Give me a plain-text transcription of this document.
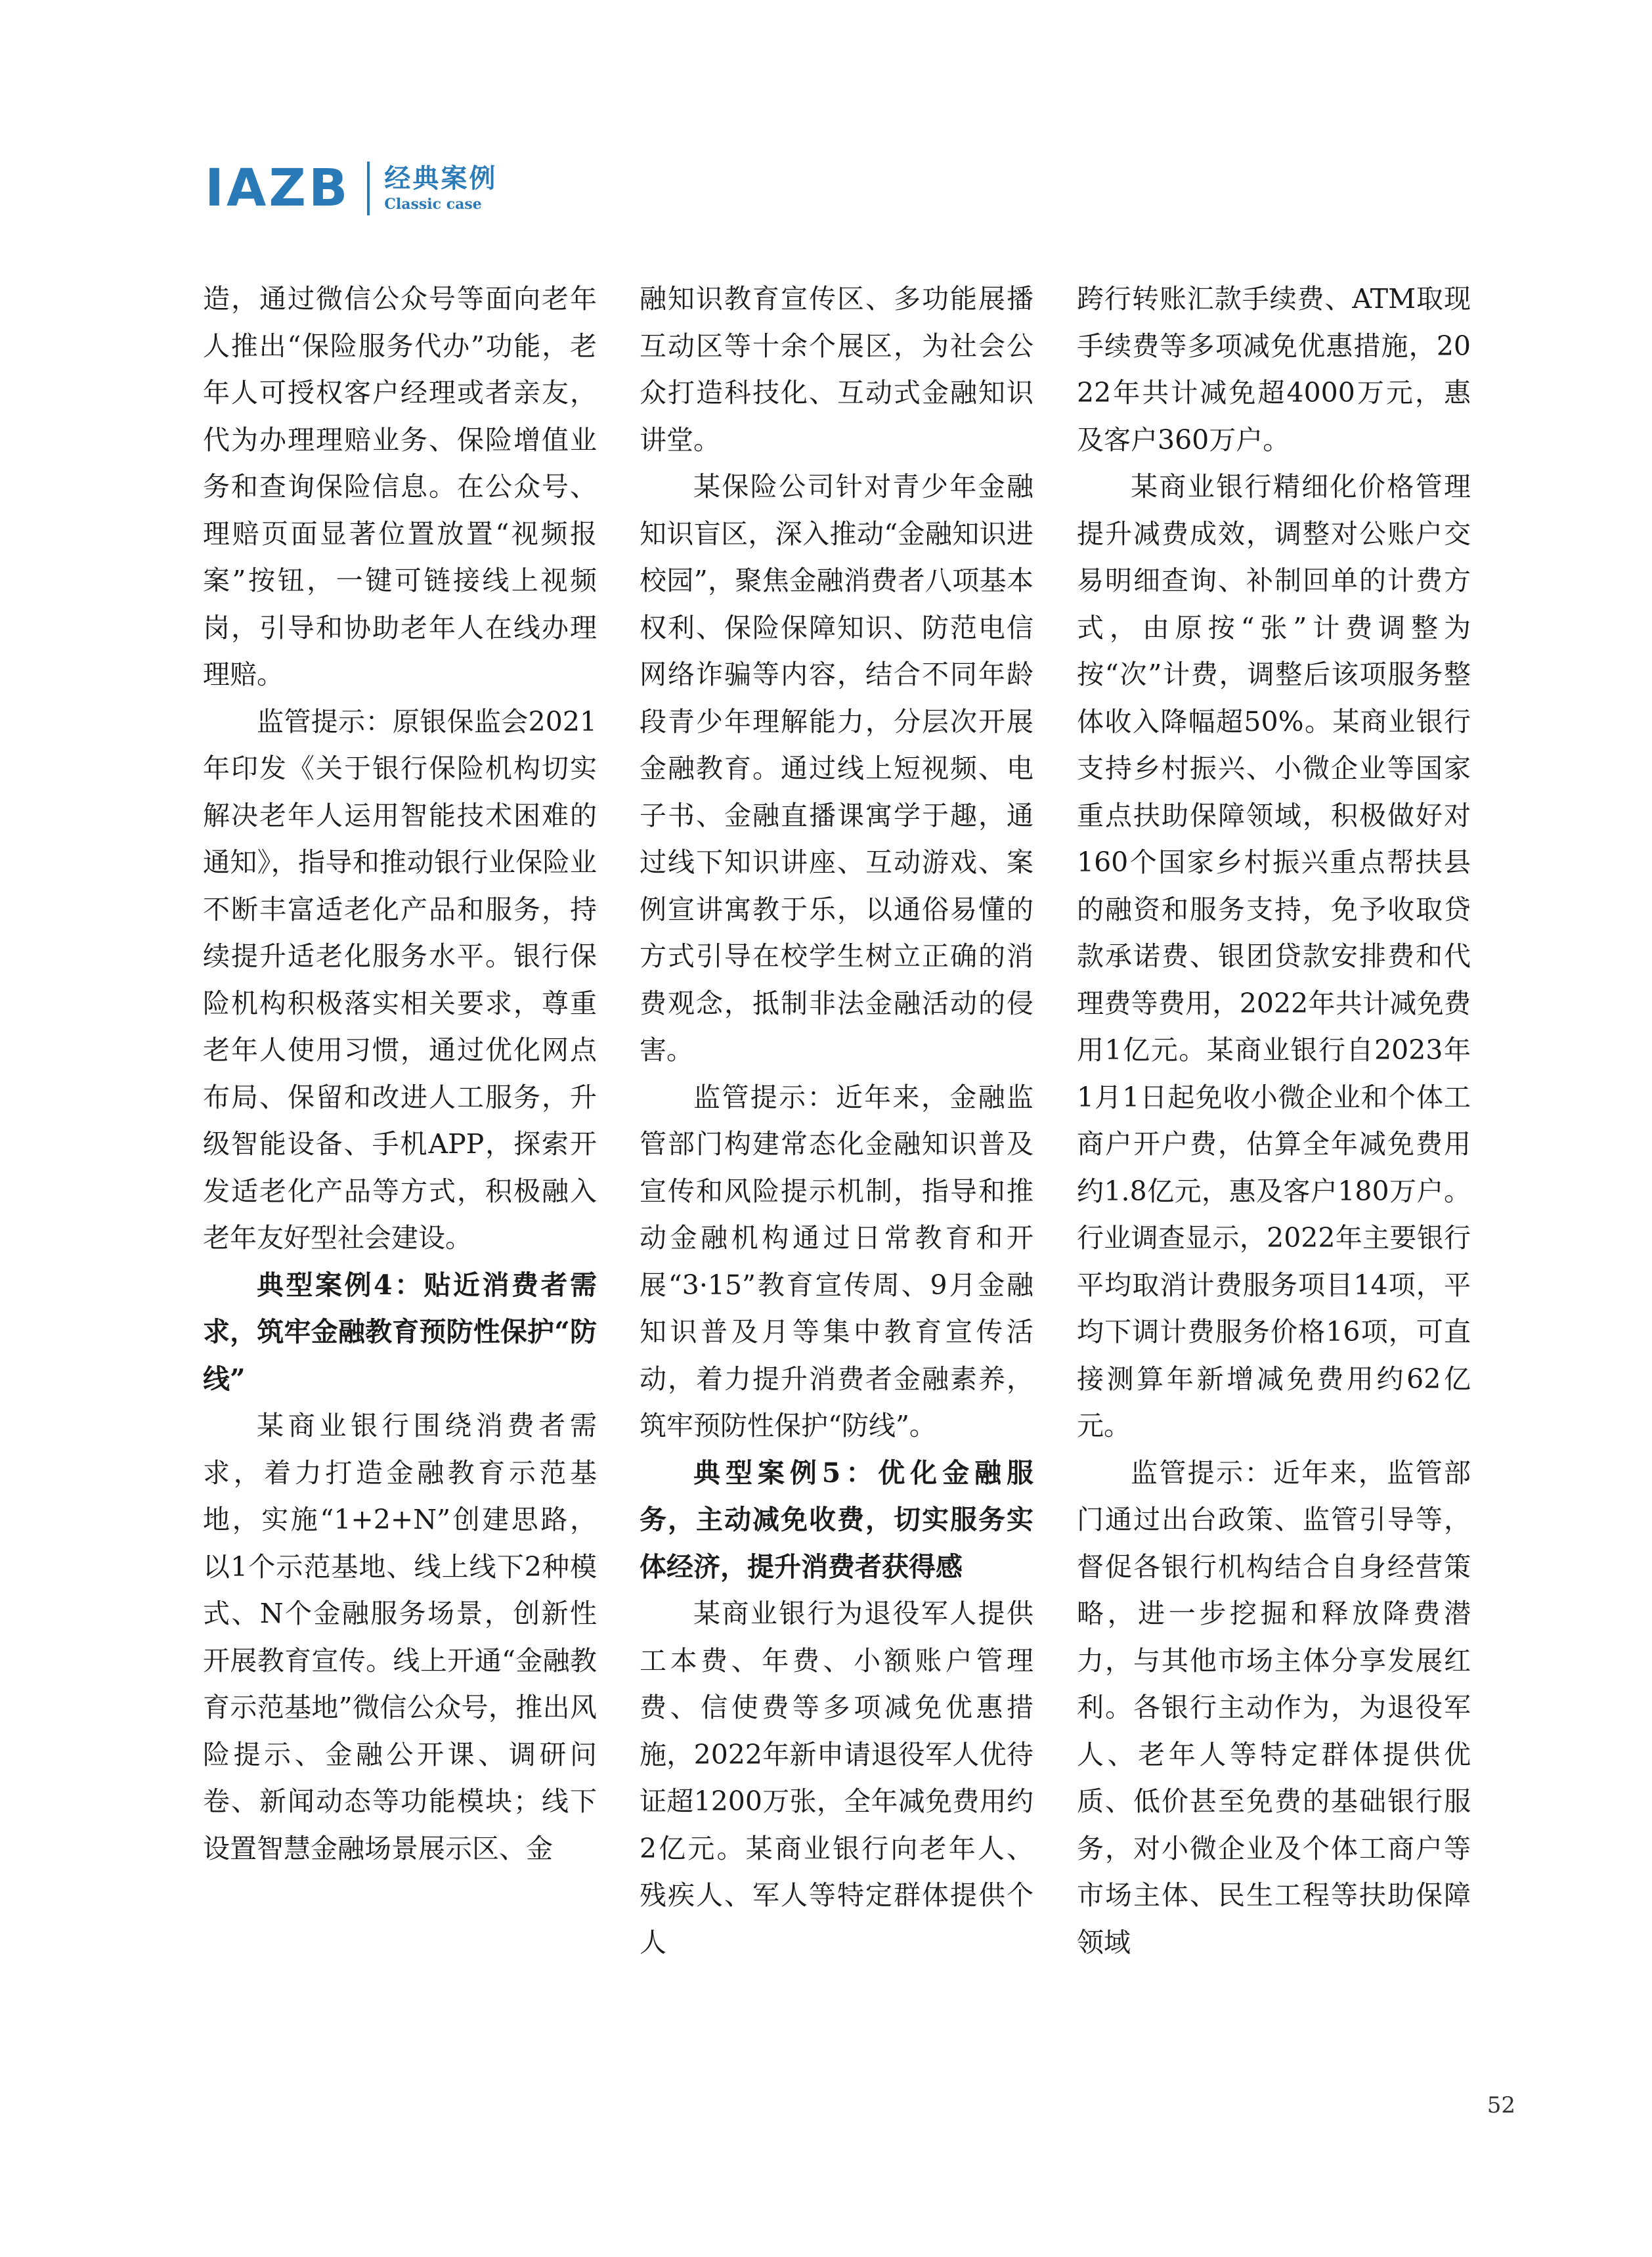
IAZB 经典案例
Classic case

造，通过微信公众号等面向老年人推出“保险服务代办”功能，老年人可授权客户经理或者亲友，代为办理理赔业务、保险增值业务和查询保险信息。在公众号、理赔页面显著位置放置“视频报案”按钮，一键可链接线上视频岗，引导和协助老年人在线办理理赔。

监管提示：原银保监会2021年印发《关于银行保险机构切实解决老年人运用智能技术困难的通知》，指导和推动银行业保险业不断丰富适老化产品和服务，持续提升适老化服务水平。银行保险机构积极落实相关要求，尊重老年人使用习惯，通过优化网点布局、保留和改进人工服务，升级智能设备、手机APP，探索开发适老化产品等方式，积极融入老年友好型社会建设。

典型案例4：贴近消费者需求，筑牢金融教育预防性保护“防线”

某商业银行围绕消费者需求，着力打造金融教育示范基地，实施“1+2+N”创建思路，以1个示范基地、线上线下2种模式、N个金融服务场景，创新性开展教育宣传。线上开通“金融教育示范基地”微信公众号，推出风险提示、金融公开课、调研问卷、新闻动态等功能模块；线下设置智慧金融场景展示区、金

融知识教育宣传区、多功能展播互动区等十余个展区，为社会公众打造科技化、互动式金融知识讲堂。

某保险公司针对青少年金融知识盲区，深入推动“金融知识进校园”，聚焦金融消费者八项基本权利、保险保障知识、防范电信网络诈骗等内容，结合不同年龄段青少年理解能力，分层次开展金融教育。通过线上短视频、电子书、金融直播课寓学于趣，通过线下知识讲座、互动游戏、案例宣讲寓教于乐，以通俗易懂的方式引导在校学生树立正确的消费观念，抵制非法金融活动的侵害。

监管提示：近年来，金融监管部门构建常态化金融知识普及宣传和风险提示机制，指导和推动金融机构通过日常教育和开展“3·15”教育宣传周、9月金融知识普及月等集中教育宣传活动，着力提升消费者金融素养，筑牢预防性保护“防线”。

典型案例5：优化金融服务，主动减免收费，切实服务实体经济，提升消费者获得感

某商业银行为退役军人提供工本费、年费、小额账户管理费、信使费等多项减免优惠措施，2022年新申请退役军人优待证超1200万张，全年减免费用约2亿元。某商业银行向老年人、残疾人、军人等特定群体提供个人

跨行转账汇款手续费、ATM取现手续费等多项减免优惠措施，2022年共计减免超4000万元，惠及客户360万户。

某商业银行精细化价格管理提升减费成效，调整对公账户交易明细查询、补制回单的计费方式，由原按“张”计费调整为按“次”计费，调整后该项服务整体收入降幅超50%。某商业银行支持乡村振兴、小微企业等国家重点扶助保障领域，积极做好对160个国家乡村振兴重点帮扶县的融资和服务支持，免予收取贷款承诺费、银团贷款安排费和代理费等费用，2022年共计减免费用1亿元。某商业银行自2023年1月1日起免收小微企业和个体工商户开户费，估算全年减免费用约1.8亿元，惠及客户180万户。行业调查显示，2022年主要银行平均取消计费服务项目14项，平均下调计费服务价格16项，可直接测算年新增减免费用约62亿元。

监管提示：近年来，监管部门通过出台政策、监管引导等，督促各银行机构结合自身经营策略，进一步挖掘和释放降费潜力，与其他市场主体分享发展红利。各银行主动作为，为退役军人、老年人等特定群体提供优质、低价甚至免费的基础银行服务，对小微企业及个体工商户等市场主体、民生工程等扶助保障领域

52
